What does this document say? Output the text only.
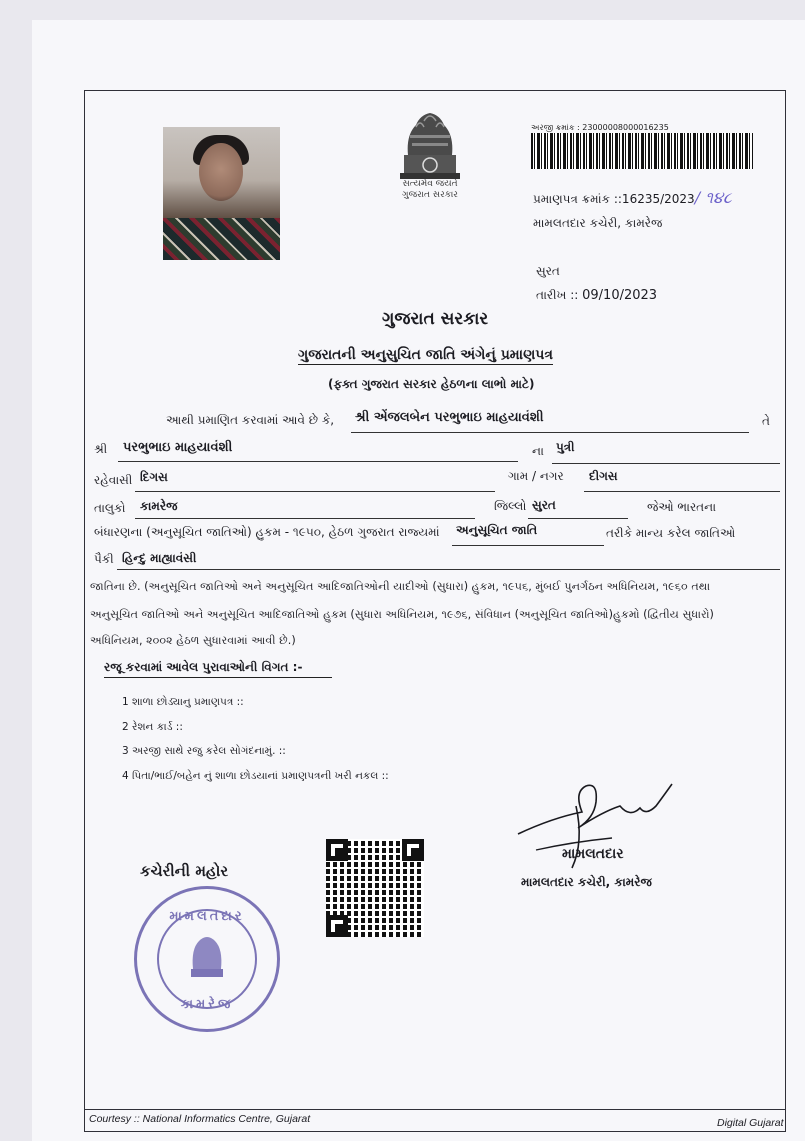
સત્યમેવ જયતે
ગુજરાત સરકાર
અરજી ક્રમાંક : 23000008000016235
પ્રમાણપત્ર ક્રમાંક ::16235/2023/ ૧૪૮
મામલતદાર કચેરી, કામરેજ
સુરત
તારીખ :: 09/10/2023
ગુજરાત સરકાર
ગુજરાતની અનુસુચિત જાતિ અંગેનું પ્રમાણપત્ર
(ફક્ત ગુજરાત સરકાર હેઠળના લાભો માટે)
આથી પ્રમાણિત કરવામાં આવે છે કે, શ્રી એંજલબેન પરભુભાઇ માહયાવંશી	તે
શ્રી પરભુભાઇ માહયાવંશી	ના પુત્રી
રહેવાસી દિગસ	ગામ / નગર દીગસ
તાલુકો કામરેજ	જિલ્લો સુરત	જેઓ ભારતના
બંધારણના (અનુસૂચિત જાતિઓ) હુકમ - ૧૯૫૦, હેઠળ ગુજરાત રાજ્યમાં અનુસૂચિત જાતિ	તરીકે માન્ય કરેલ જાતિઓ
પૈકી હિન્દુ માહ્યાવંસી
જાતિના છે. (અનુસૂચિત જાતિઓ અને અનુસૂચિત આદિજાતિઓની યાદીઓ (સુધારા) હુકમ, ૧૯૫૬, મુંબઈ પુનર્ગઠન અધિનિયમ, ૧૯૬૦ તથા
અનુસૂચિત જાતિઓ અને અનુસૂચિત આદિજાતિઓ હુકમ (સુધારા અધિનિયમ, ૧૯૭૬, સંવિધાન (અનુસૂચિત જાતિઓ)હુકમો (દ્વિતીય સુધારો)
અધિનિયમ, ૨૦૦૨ હેઠળ સુધારવામાં આવી છે.)
રજૂ કરવામાં આવેલ પુરાવાઓની વિગત :-
1 શાળા છોડ્યાનુ પ્રમાણપત્ર ::
2 રેશન કાર્ડ ::
3 અરજી સાથે રજુ કરેલ સોગંદનામું. ::
4 પિતા/ભાઈ/બહેન નું શાળા છોડયાનાં પ્રમાણપત્રની ખરી નકલ ::
મામલતદાર
મામલતદાર કચેરી, કામરેજ
કચેરીની મહોર
મામલતદાર
કામરેજ
Courtesy :: National Informatics Centre, Gujarat	Digital Gujarat
